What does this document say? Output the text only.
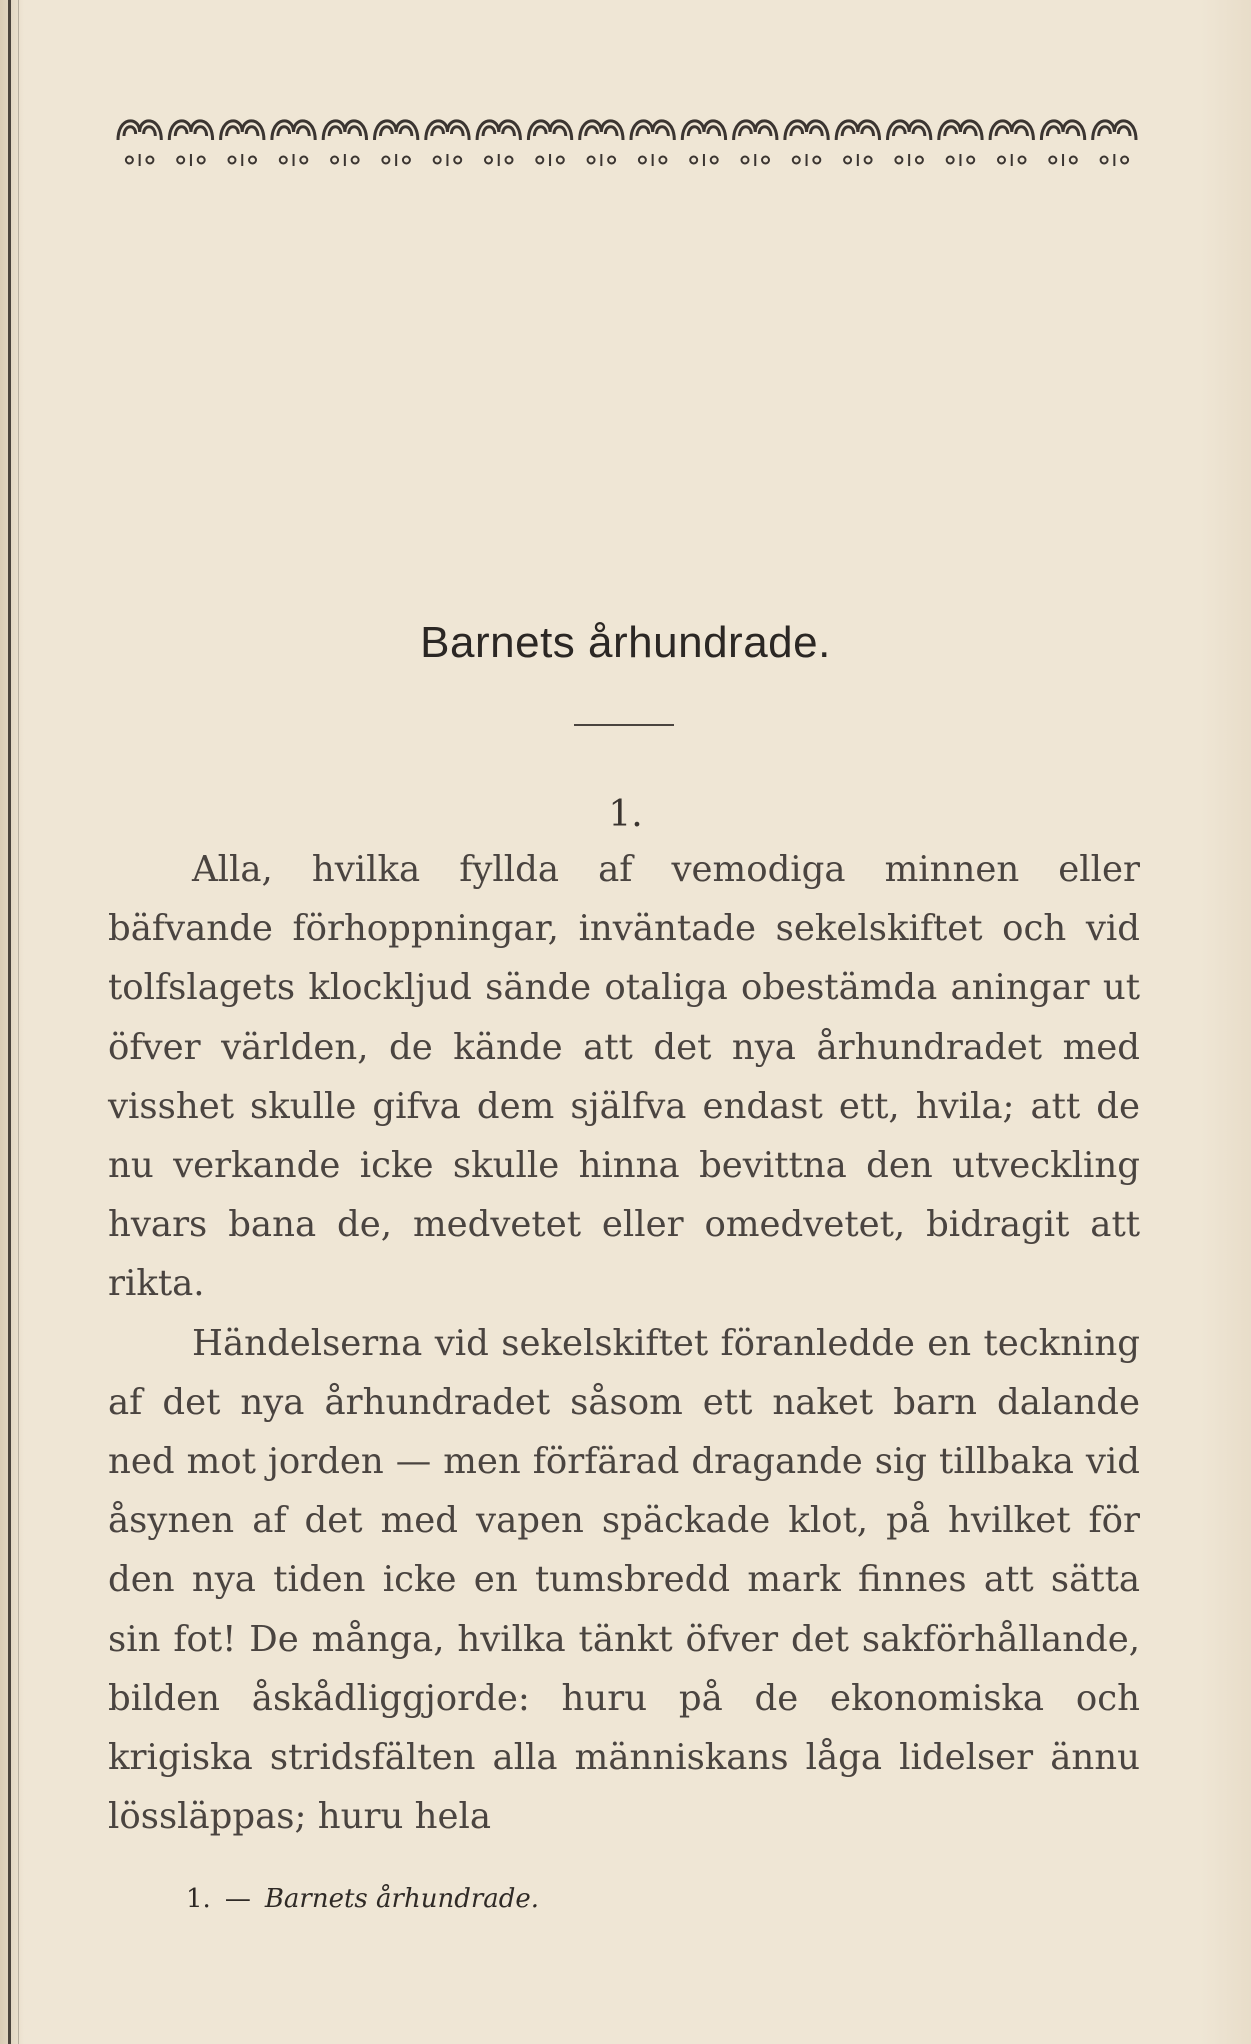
Barnets århundrade.
1.

Alla, hvilka fyllda af vemodiga minnen eller bäfvande förhoppningar, inväntade sekelskiftet och vid tolfslagets klockljud sände otaliga obestämda aningar ut öfver världen, de kände att det nya århundradet med visshet skulle gifva dem själfva endast ett, hvila; att de nu verkande icke skulle hinna bevittna den utveckling hvars bana de, medvetet eller omedvetet, bidragit att rikta.

Händelserna vid sekelskiftet föranledde en teckning af det nya århundradet såsom ett naket barn dalande ned mot jorden — men förfärad dragande sig tillbaka vid åsynen af det med vapen späckade klot, på hvilket för den nya tiden icke en tumsbredd mark finnes att sätta sin fot! De många, hvilka tänkt öfver det sakförhållande, bilden åskådliggjorde: huru på de ekonomiska och krigiska stridsfälten alla människans låga lidelser ännu lössläppas; huru hela

1. — Barnets århundrade.
